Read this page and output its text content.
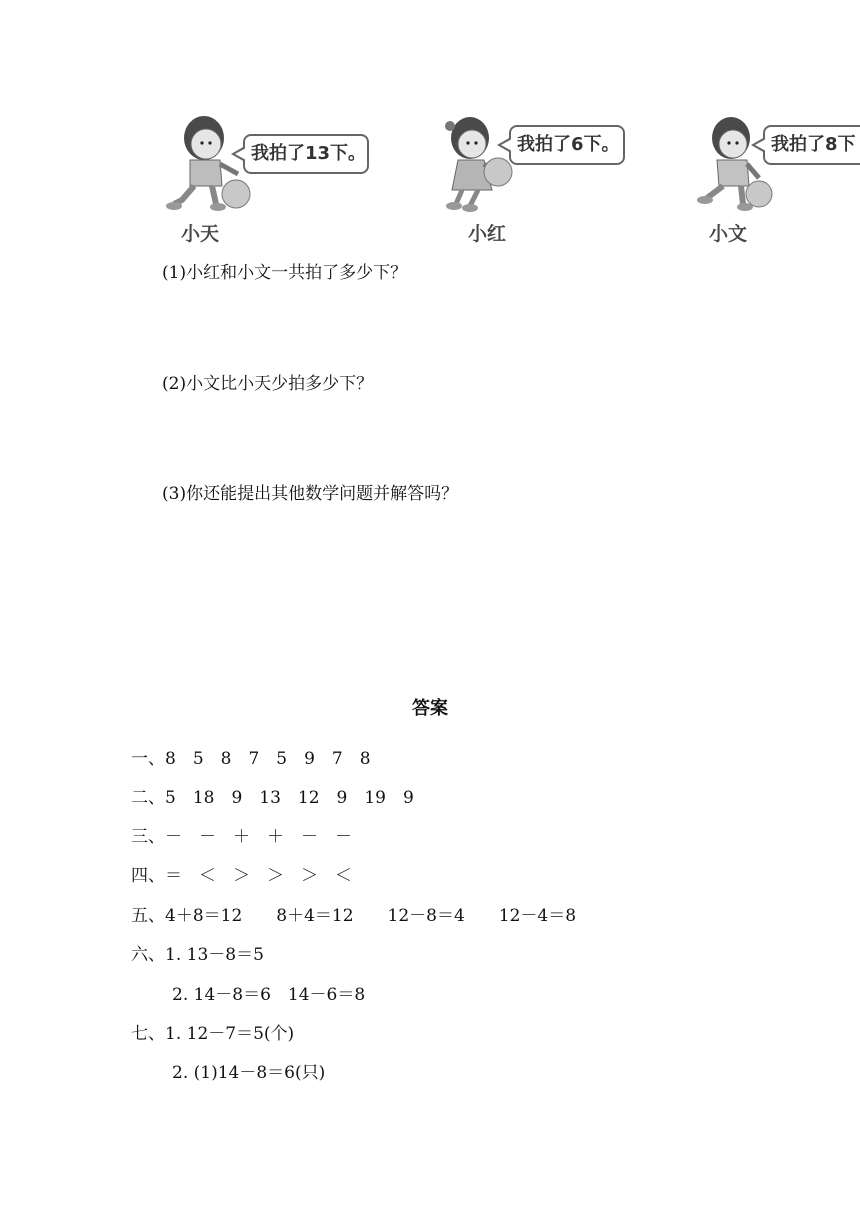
我拍了13下。
小天
我拍了6下。
小红
我拍了8下
小文
(1)小红和小文一共拍了多少下？
(2)小文比小天少拍多少下？
(3)你还能提出其他数学问题并解答吗？
答案
一、8　5　8　7　5　9　7　8
二、5　18　9　13　12　9　19　9
三、－　－　＋　＋　－　－
四、＝　＜　＞　＞　＞　＜
五、4＋8＝12　　8＋4＝12　　12－8＝4　　12－4＝8
六、1. 13－8＝5
2. 14－8＝6　14－6＝8
七、1. 12－7＝5(个)
2. (1)14－8＝6(只)
